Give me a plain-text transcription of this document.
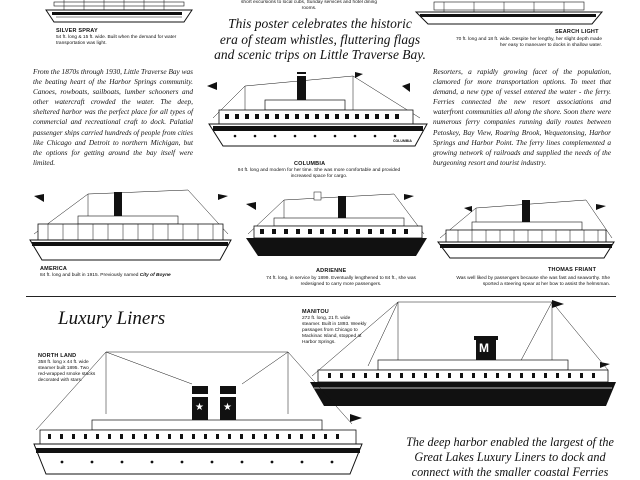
SILVER SPRAY
54 ft. long & 15 ft. wide. Built when the demand for water transportation was light.
short excursions to local cubs, Sunday services and hotel dining rooms.
This poster celebrates the historic
era of steam whistles, fluttering flags
and scenic trips on Little Traverse Bay.
SEARCH LIGHT
70 ft. long and 18 ft. wide. Despite her lengthy, her slight depth made her easy to maneuver to docks in shallow water.
From the 1870s through 1930, Little Traverse Bay was the beating heart of the Harbor Springs community. Canoes, rowboats, sailboats, lumber schooners and other watercraft crowded the water. The deep, sheltered harbor was the perfect place for all types of commercial and recreational craft to dock. Palatial passenger ships carried hundreds of people from cities like Chicago and Detroit to northern Michigan, but the options for getting around the bay itself were limited.
COLUMBIA
COLUMBIA
94 ft. long and modern for her time. She was more comfortable and provided increased space for cargo.
Resorters, a rapidly growing facet of the population, clamored for more transportation options. To meet that demand, a new type of vessel entered the water - the ferry. Ferries connected the new resort associations and waterfront communities all along the shore. Soon there were numerous ferry companies running daily routes between Petoskey, Bay View, Roaring Brook, Wequetonsing, Harbor Springs and Harbor Point. The ferry lines complemented a growing network of railroads and supplied the needs of the burgeoning resort and tourist industry.
AMERICA
84 ft. long and built in 1915. Previously named City of Boyne
ADRIENNE
74 ft. long, in service by 1899. Eventually lengthened to 84 ft., she was redesigned to carry more passengers.
THOMAS FRIANT
Was well liked by passengers because she was fast and seaworthy. She sported a steering spear at her bow to assist the helmsman.
Luxury Liners	MANITOU
272 ft. long, 21 ft. wide steamer. Built in 1893. Weekly passages from Chicago to Mackinac Island, stopped at Harbor Springs.	M
NORTH LAND
358 ft. long x 44 ft. wide steamer built 1895. Two red-wrapped smoke stacks decorated with stars.
★ ★
The deep harbor enabled the largest of the
Great Lakes Luxury Liners to dock and
connect with the smaller coastal Ferries
